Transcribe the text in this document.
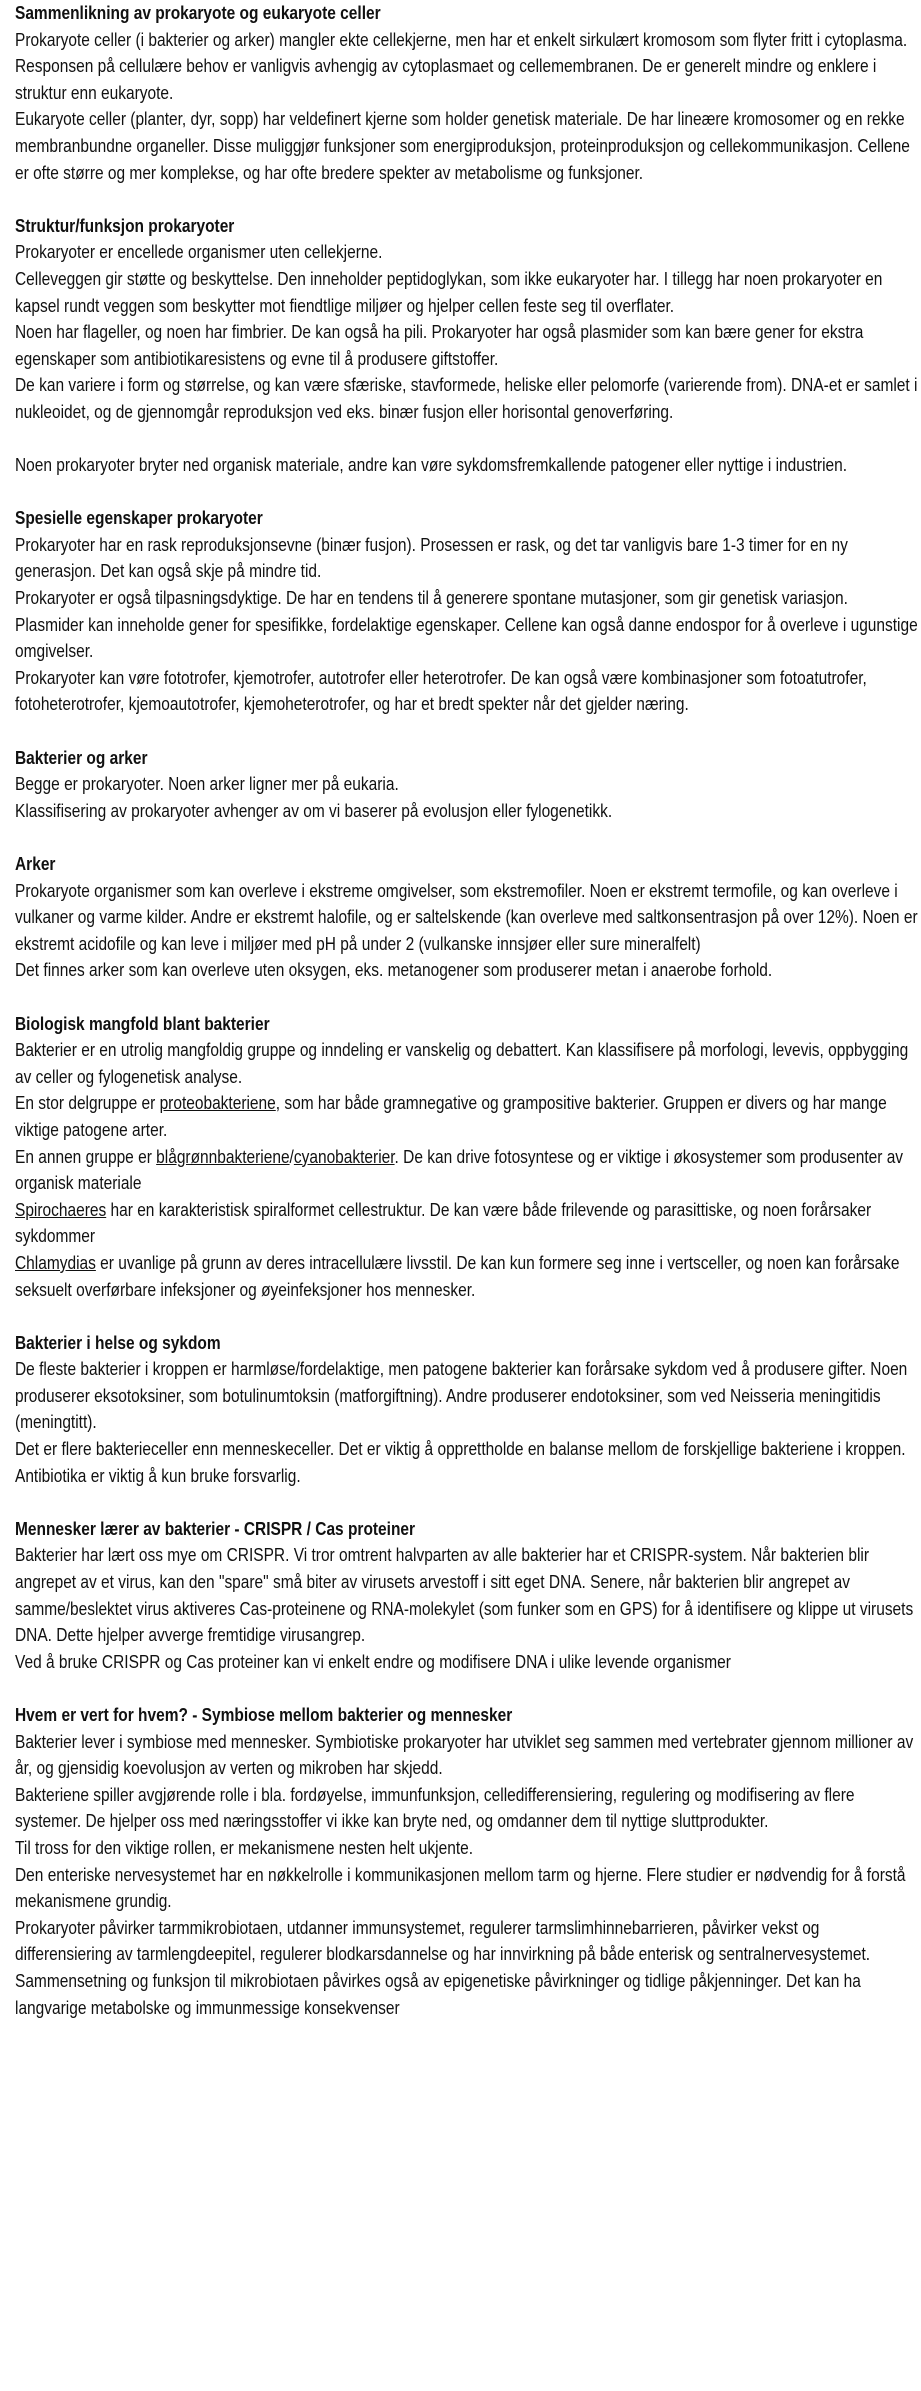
Sammenlikning av prokaryote og eukaryote celler
Prokaryote celler (i bakterier og arker) mangler ekte cellekjerne, men har et enkelt sirkulært kromosom som flyter fritt i cytoplasma. Responsen på cellulære behov er vanligvis avhengig av cytoplasmaet og cellemembranen. De er generelt mindre og enklere i struktur enn eukaryote.
Eukaryote celler (planter, dyr, sopp) har veldefinert kjerne som holder genetisk materiale. De har lineære kromosomer og en rekke membranbundne organeller. Disse muliggjør funksjoner som energiproduksjon, proteinproduksjon og cellekommunikasjon. Cellene er ofte større og mer komplekse, og har ofte bredere spekter av metabolisme og funksjoner.
Struktur/funksjon prokaryoter
Prokaryoter er encellede organismer uten cellekjerne.
Celleveggen gir støtte og beskyttelse. Den inneholder peptidoglykan, som ikke eukaryoter har. I tillegg har noen prokaryoter en kapsel rundt veggen som beskytter mot fiendtlige miljøer og hjelper cellen feste seg til overflater.
Noen har flageller, og noen har fimbrier. De kan også ha pili. Prokaryoter har også plasmider som kan bære gener for ekstra egenskaper som antibiotikaresistens og evne til å produsere giftstoffer.
De kan variere i form og størrelse, og kan være sfæriske, stavformede, heliske eller pelomorfe (varierende from). DNA-et er samlet i nukleoidet, og de gjennomgår reproduksjon ved eks. binær fusjon eller horisontal genoverføring.
Noen prokaryoter bryter ned organisk materiale, andre kan vøre sykdomsfremkallende patogener eller nyttige i industrien.
Spesielle egenskaper prokaryoter
Prokaryoter har en rask reproduksjonsevne (binær fusjon). Prosessen er rask, og det tar vanligvis bare 1-3 timer for en ny generasjon. Det kan også skje på mindre tid.
Prokaryoter er også tilpasningsdyktige. De har en tendens til å generere spontane mutasjoner, som gir genetisk variasjon.
Plasmider kan inneholde gener for spesifikke, fordelaktige egenskaper. Cellene kan også danne endospor for å overleve i ugunstige omgivelser.
Prokaryoter kan vøre fototrofer, kjemotrofer, autotrofer eller heterotrofer. De kan også være kombinasjoner som fotoatutrofer, fotoheterotrofer, kjemoautotrofer, kjemoheterotrofer, og har et bredt spekter når det gjelder næring.
Bakterier og arker
Begge er prokaryoter. Noen arker ligner mer på eukaria.
Klassifisering av prokaryoter avhenger av om vi baserer på evolusjon eller fylogenetikk.
Arker
Prokaryote organismer som kan overleve i ekstreme omgivelser, som ekstremofiler. Noen er ekstremt termofile, og kan overleve i vulkaner og varme kilder. Andre er ekstremt halofile, og er saltelskende (kan overleve med saltkonsentrasjon på over 12%). Noen er ekstremt acidofile og kan leve i miljøer med pH på under 2 (vulkanske innsjøer eller sure mineralfelt)
Det finnes arker som kan overleve uten oksygen, eks. metanogener som produserer metan i anaerobe forhold.
Biologisk mangfold blant bakterier
Bakterier er en utrolig mangfoldig gruppe og inndeling er vanskelig og debattert. Kan klassifisere på morfologi, levevis, oppbygging av celler og fylogenetisk analyse.
En stor delgruppe er proteobakteriene, som har både gramnegative og grampositive bakterier. Gruppen er divers og har mange viktige patogene arter.
En annen gruppe er blågrønnbakteriene/cyanobakterier. De kan drive fotosyntese og er viktige i økosystemer som produsenter av organisk materiale
Spirochaeres har en karakteristisk spiralformet cellestruktur. De kan være både frilevende og parasittiske, og noen forårsaker sykdommer
Chlamydias er uvanlige på grunn av deres intracellulære livsstil. De kan kun formere seg inne i vertsceller, og noen kan forårsake seksuelt overførbare infeksjoner og øyeinfeksjoner hos mennesker.
Bakterier i helse og sykdom
De fleste bakterier i kroppen er harmløse/fordelaktige, men patogene bakterier kan forårsake sykdom ved å produsere gifter. Noen produserer eksotoksiner, som botulinumtoksin (matforgiftning). Andre produserer endotoksiner, som ved Neisseria meningitidis (meningtitt).
Det er flere bakterieceller enn menneskeceller. Det er viktig å opprettholde en balanse mellom de forskjellige bakteriene i kroppen. Antibiotika er viktig å kun bruke forsvarlig.
Mennesker lærer av bakterier - CRISPR / Cas proteiner
Bakterier har lært oss mye om CRISPR. Vi tror omtrent halvparten av alle bakterier har et CRISPR-system. Når bakterien blir angrepet av et virus, kan den "spare" små biter av virusets arvestoff i sitt eget DNA. Senere, når bakterien blir angrepet av samme/beslektet virus aktiveres Cas-proteinene og RNA-molekylet (som funker som en GPS) for å identifisere og klippe ut virusets DNA. Dette hjelper avverge fremtidige virusangrep.
Ved å bruke CRISPR og Cas proteiner kan vi enkelt endre og modifisere DNA i ulike levende organismer
Hvem er vert for hvem? - Symbiose mellom bakterier og mennesker
Bakterier lever i symbiose med mennesker. Symbiotiske prokaryoter har utviklet seg sammen med vertebrater gjennom millioner av år, og gjensidig koevolusjon av verten og mikroben har skjedd.
Bakteriene spiller avgjørende rolle i bla. fordøyelse, immunfunksjon, celledifferensiering, regulering og modifisering av flere systemer. De hjelper oss med næringsstoffer vi ikke kan bryte ned, og omdanner dem til nyttige sluttprodukter.
Til tross for den viktige rollen, er mekanismene nesten helt ukjente.
Den enteriske nervesystemet har en nøkkelrolle i kommunikasjonen mellom tarm og hjerne. Flere studier er nødvendig for å forstå mekanismene grundig.
Prokaryoter påvirker tarmmikrobiotaen, utdanner immunsystemet, regulerer tarmslimhinnebarrieren, påvirker vekst og differensiering av tarmlengdeepitel, regulerer blodkarsdannelse og har innvirkning på både enterisk og sentralnervesystemet.
Sammensetning og funksjon til mikrobiotaen påvirkes også av epigenetiske påvirkninger og tidlige påkjenninger. Det kan ha langvarige metabolske og immunmessige konsekvenser
